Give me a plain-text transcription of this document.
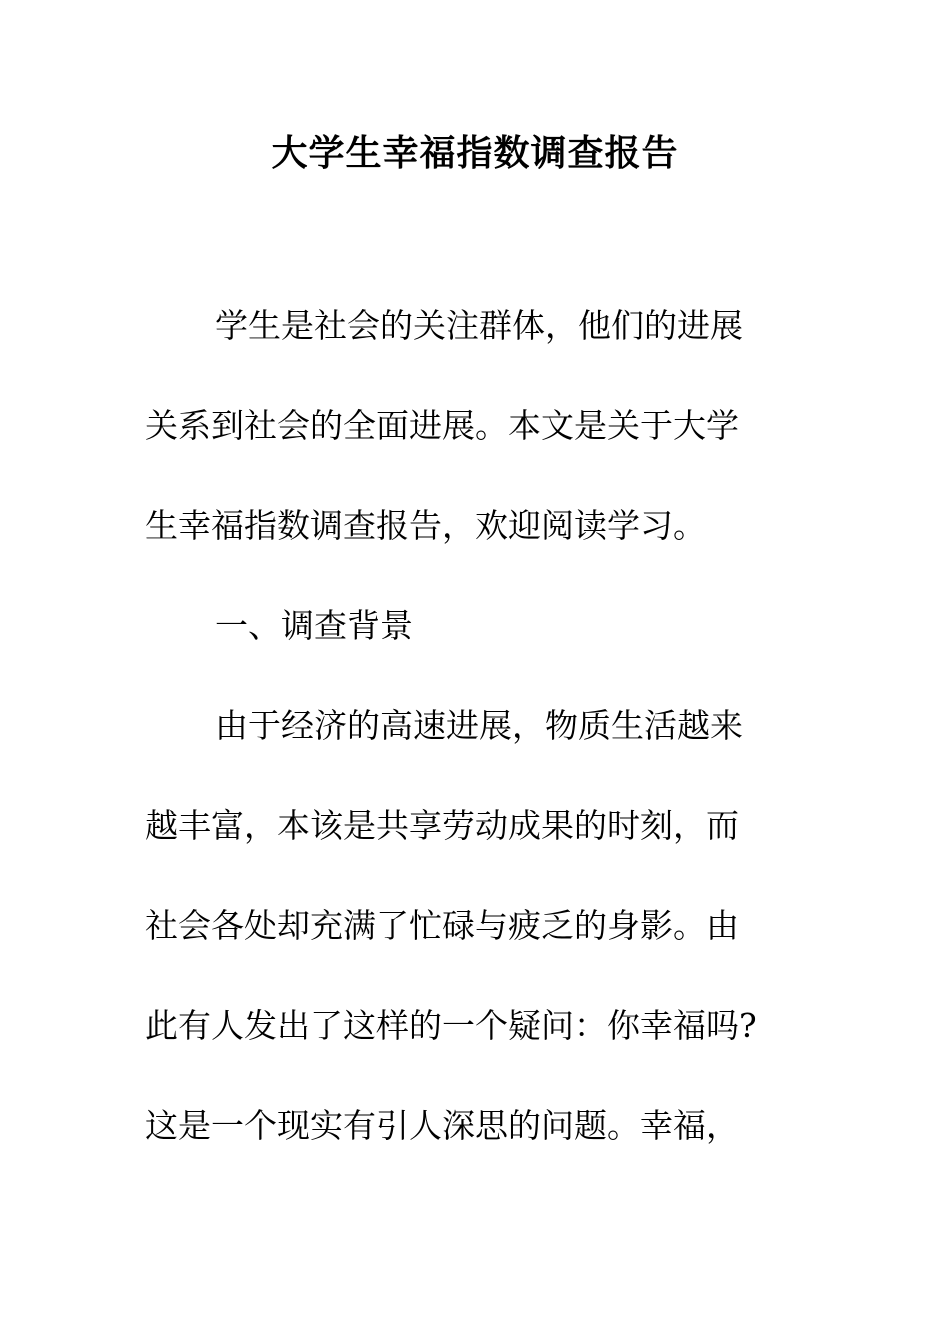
大学生幸福指数调查报告
学生是社会的关注群体，他们的进展
关系到社会的全面进展。本文是关于大学
生幸福指数调查报告，欢迎阅读学习。
一、调查背景
由于经济的高速进展，物质生活越来
越丰富，本该是共享劳动成果的时刻，而
社会各处却充满了忙碌与疲乏的身影。由
此有人发出了这样的一个疑问：你幸福吗?
这是一个现实有引人深思的问题。幸福，
